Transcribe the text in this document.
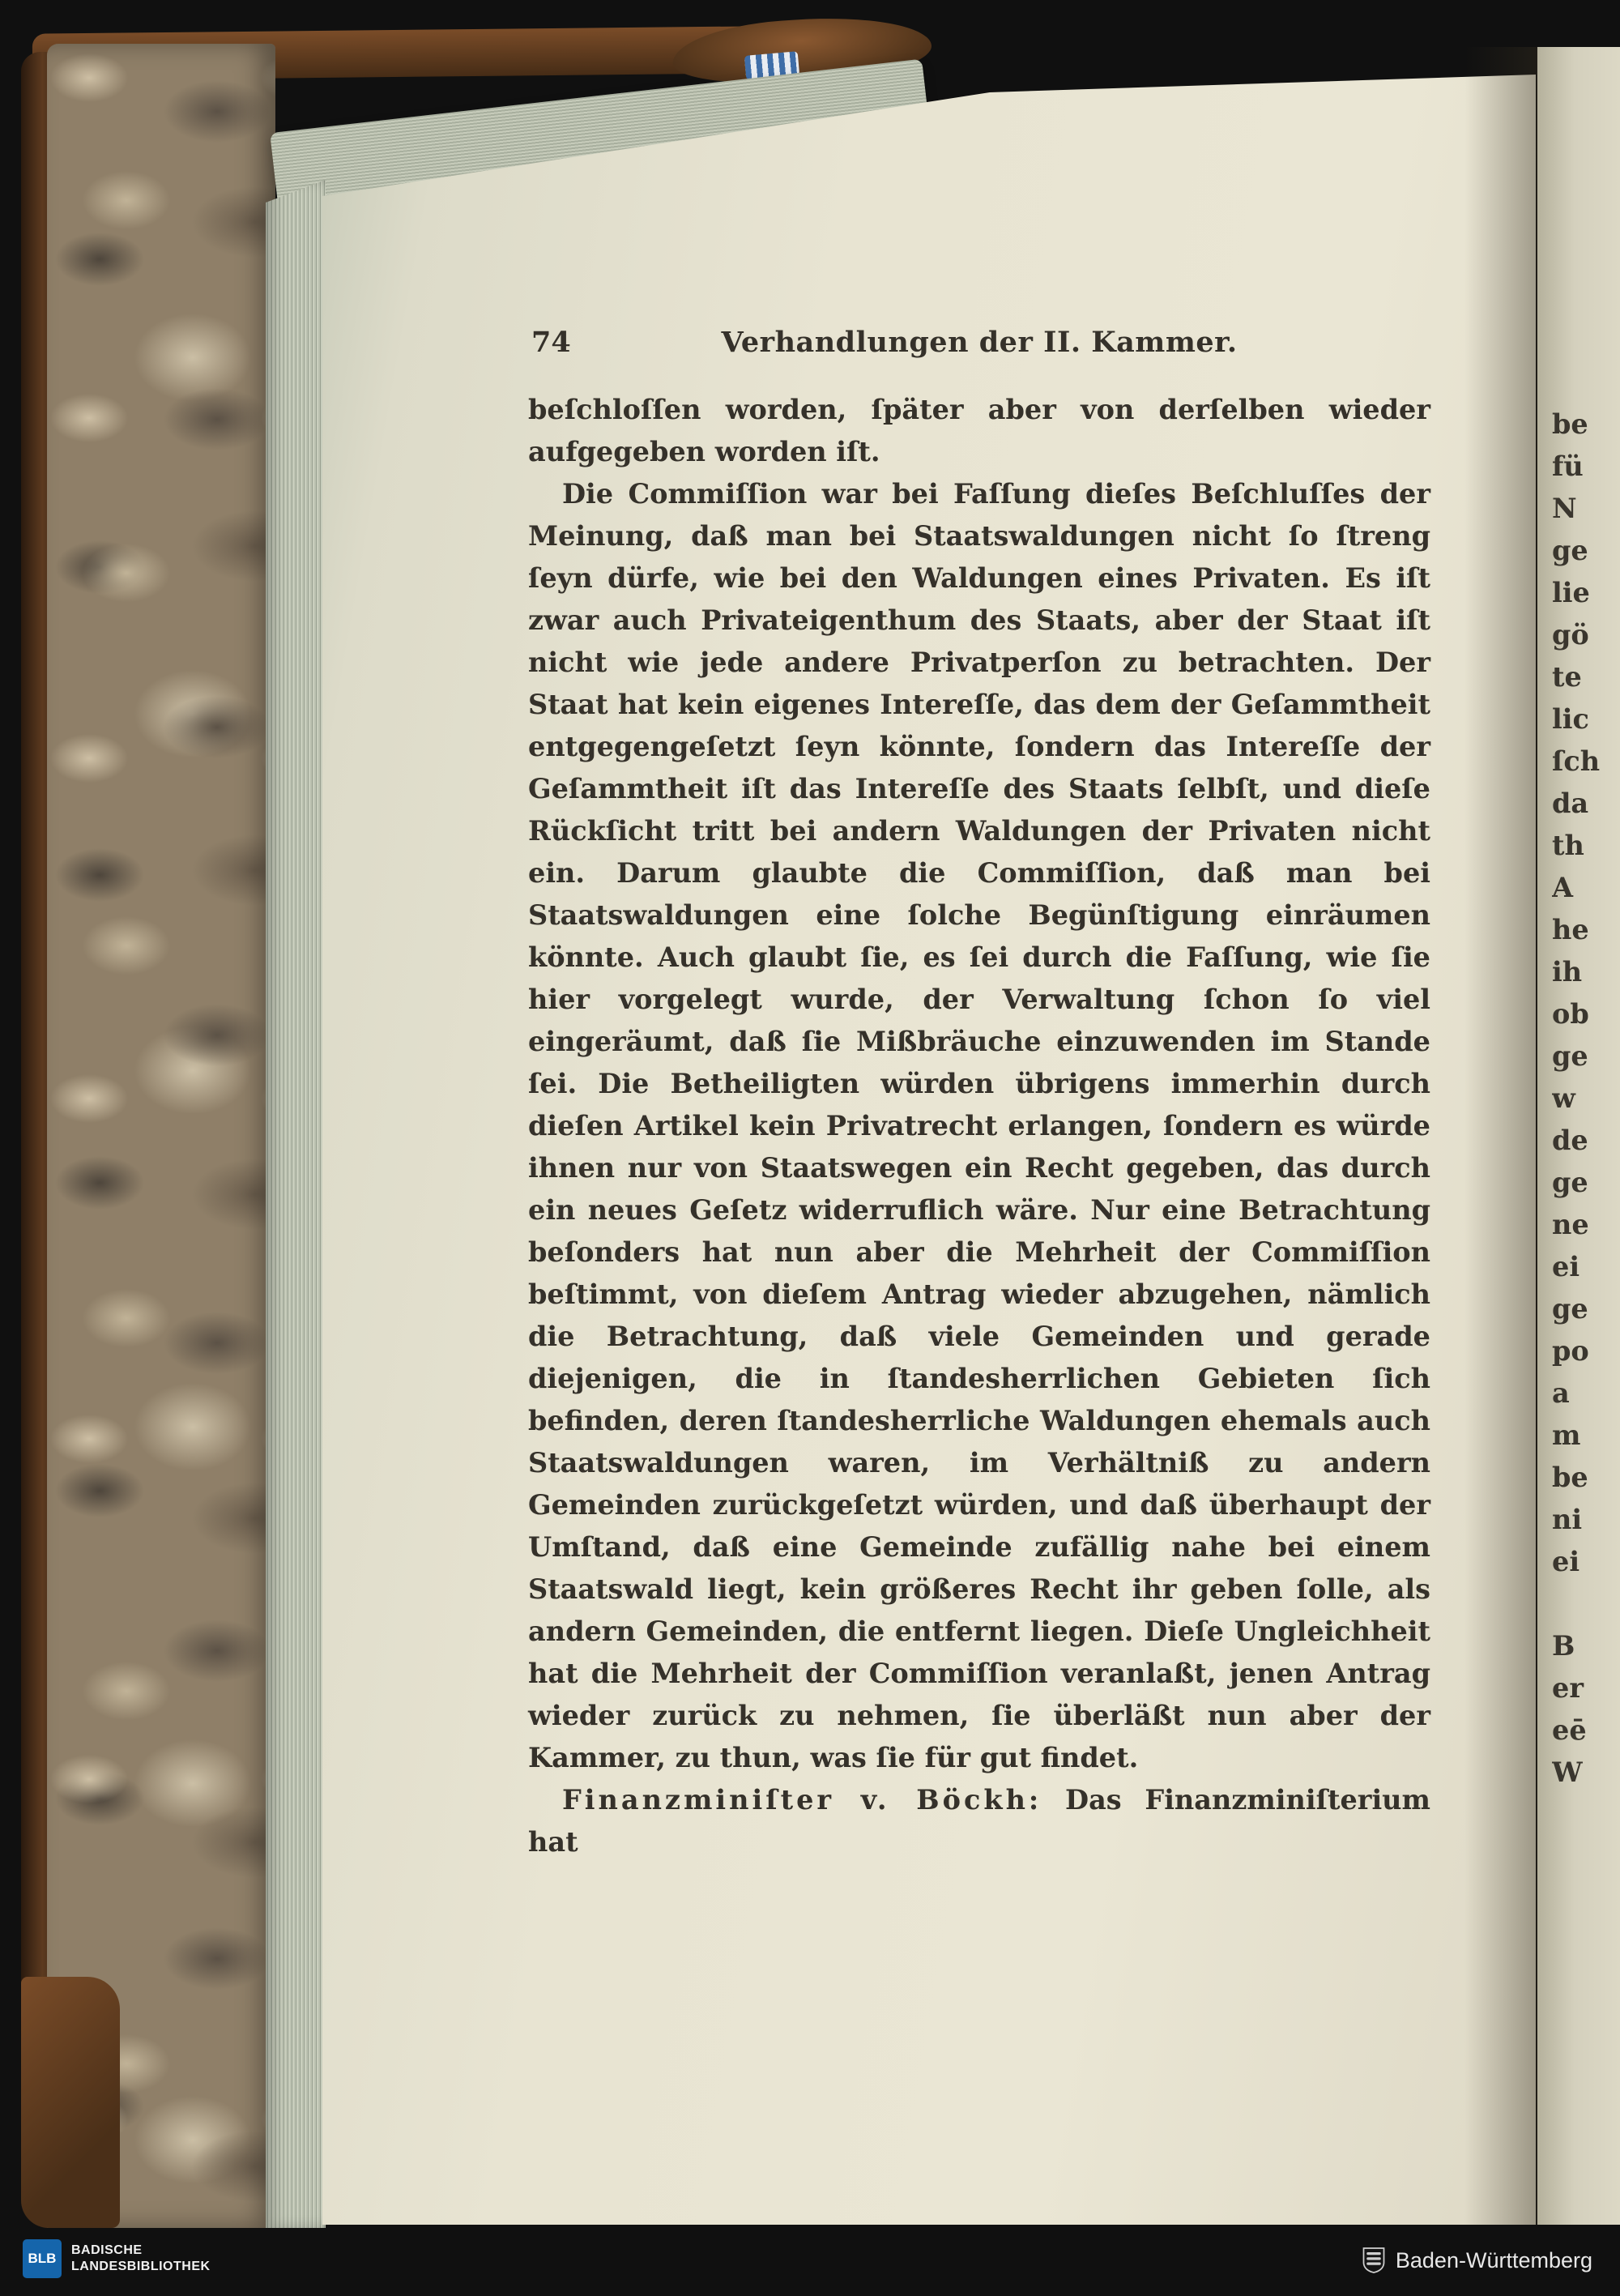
74	Verhandlungen der II. Kammer.

beſchloſſen worden, ſpäter aber von derſelben wieder aufgegeben worden iſt.

Die Commiſſion war bei Faſſung dieſes Beſchluſſes der Meinung, daß man bei Staatswaldungen nicht ſo ſtreng ſeyn dürfe, wie bei den Waldungen eines Privaten. Es iſt zwar auch Privateigenthum des Staats, aber der Staat iſt nicht wie jede andere Privatperſon zu betrachten. Der Staat hat kein eigenes Intereſſe, das dem der Geſammtheit entgegengeſetzt ſeyn könnte, ſondern das Intereſſe der Geſammtheit iſt das Intereſſe des Staats ſelbſt, und dieſe Rückſicht tritt bei andern Waldungen der Privaten nicht ein. Darum glaubte die Commiſſion, daß man bei Staatswaldungen eine ſolche Begünſtigung einräumen könnte. Auch glaubt ſie, es ſei durch die Faſſung, wie ſie hier vorgelegt wurde, der Verwaltung ſchon ſo viel eingeräumt, daß ſie Mißbräuche einzuwenden im Stande ſei. Die Betheiligten würden übrigens immerhin durch dieſen Artikel kein Privatrecht erlangen, ſondern es würde ihnen nur von Staatswegen ein Recht gegeben, das durch ein neues Geſetz widerruflich wäre. Nur eine Betrachtung beſonders hat nun aber die Mehrheit der Commiſſion beſtimmt, von dieſem Antrag wieder abzugehen, nämlich die Betrachtung, daß viele Gemeinden und gerade diejenigen, die in ſtandesherrlichen Gebieten ſich befinden, deren ſtandesherrliche Waldungen ehemals auch Staatswaldungen waren, im Verhältniß zu andern Gemeinden zurückgeſetzt würden, und daß überhaupt der Umſtand, daß eine Gemeinde zufällig nahe bei einem Staatswald liegt, kein größeres Recht ihr geben ſolle, als andern Gemeinden, die entfernt liegen. Dieſe Ungleichheit hat die Mehrheit der Commiſſion veranlaßt, jenen Antrag wieder zurück zu nehmen, ſie überläßt nun aber der Kammer, zu thun, was ſie für gut findet.

Finanzminiſter v. Böckh: Das Finanzminiſterium hat

be
fü
N
ge
lie
gö
te
lic
ſch
da
th
A
he
ih
ob
ge
w
de
ge
ne
ei
ge
po
a
m
be
ni
ei
B
er
eē
W
BLB
BADISCHE
LANDESBIBLIOTHEK	Baden-Württemberg
